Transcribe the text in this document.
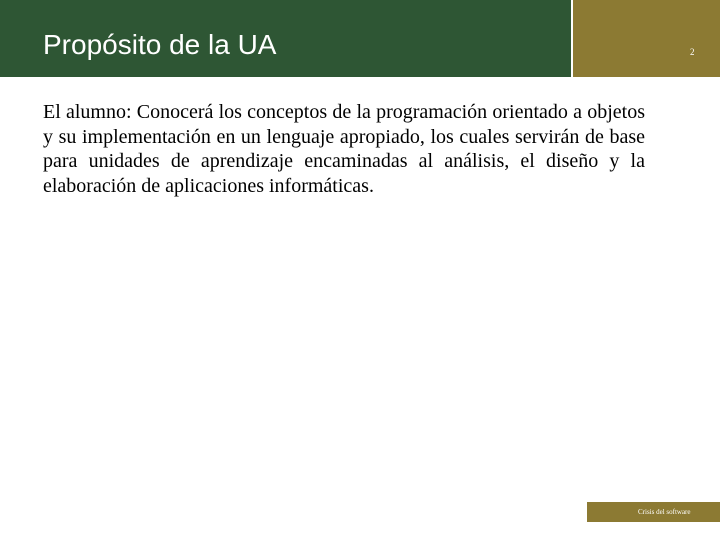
Propósito de la UA	2

El alumno: Conocerá los conceptos de la programación orientado a objetos y su implementación en un lenguaje apropiado, los cuales servirán de base para unidades de aprendizaje encaminadas al análisis, el diseño y la elaboración de aplicaciones informáticas.

Crisis del software
